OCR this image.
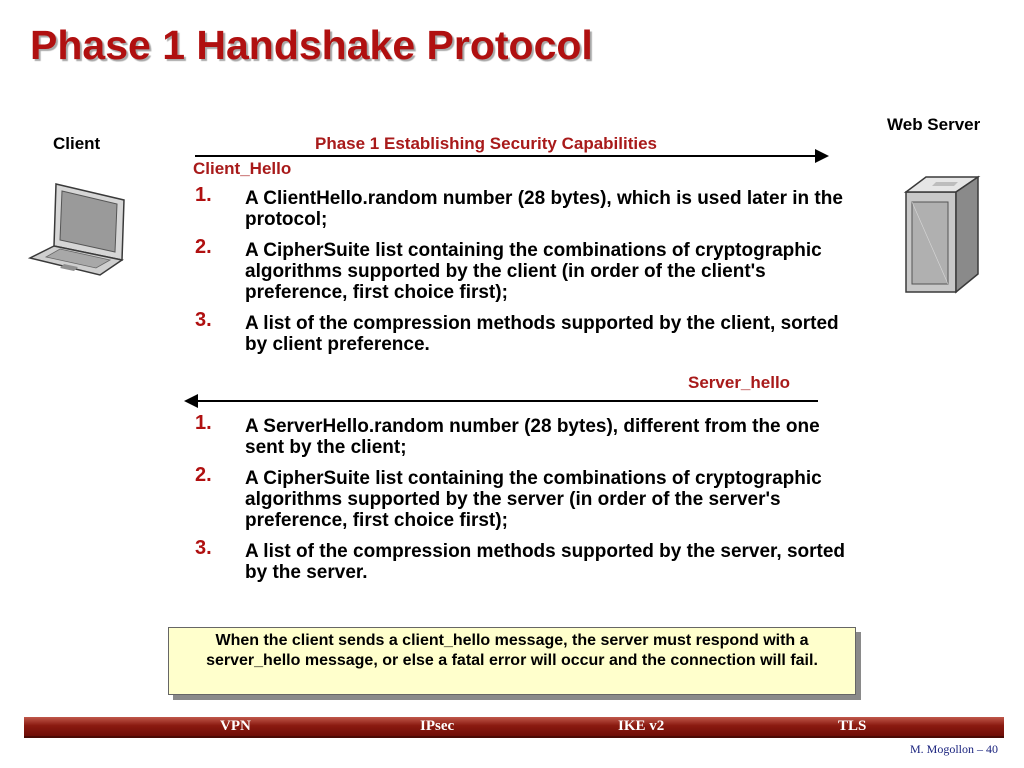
Phase 1 Handshake Protocol
Client
Web Server
Phase 1 Establishing Security Capabilities
Client_Hello
1. A ClientHello.random number (28 bytes), which is used later in the protocol;
2. A CipherSuite list containing the combinations of cryptographic algorithms supported by the client (in order of the client's preference, first choice first);
3. A list of the compression methods supported by the client, sorted by client preference.
Server_hello
1. A ServerHello.random number (28 bytes), different from the one sent by the client;
2. A CipherSuite list containing the combinations of cryptographic algorithms supported by the server (in order of the server's preference, first choice first);
3. A list of the compression methods supported by the server, sorted by the server.
When the client sends a client_hello message, the server must respond with a server_hello message, or else a fatal error will occur and the connection will fail.
VPN	IPsec	IKE v2	TLS
M. Mogollon – 40
